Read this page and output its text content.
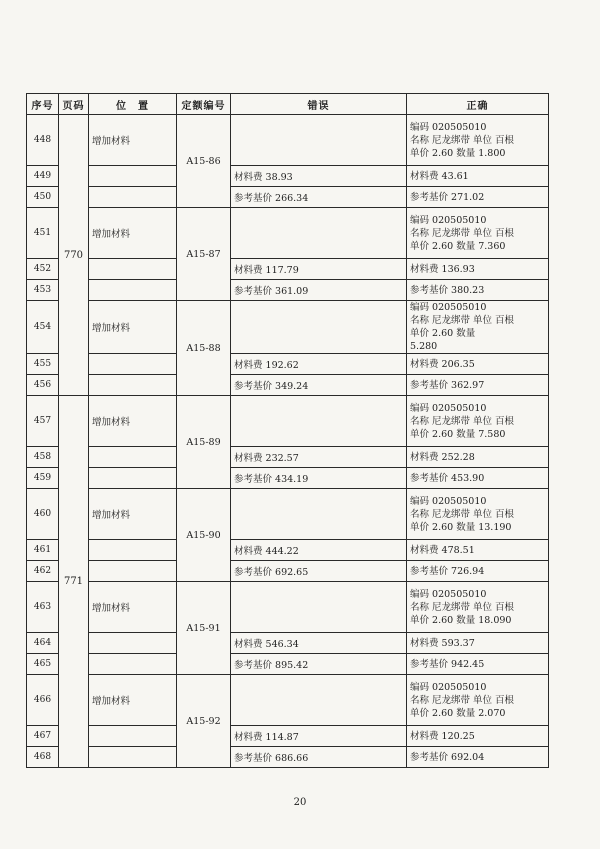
序号	页码	位　置	定额编号	错误	正确
448	770	增加材料	A15-86		编码 020505010
名称 尼龙绑带 单位 百根
单价 2.60 数量 1.800

449				材料费 38.93	材料费 43.61

450				参考基价 266.34	参考基价 271.02

451		增加材料	A15-87		编码 020505010
名称 尼龙绑带 单位 百根
单价 2.60 数量 7.360

452				材料费 117.79	材料费 136.93

453				参考基价 361.09	参考基价 380.23

454		增加材料	A15-88		编码 020505010
名称 尼龙绑带 单位 百根
单价 2.60 数量
5.280

455				材料费 192.62	材料费 206.35

456				参考基价 349.24	参考基价 362.97

457	771	增加材料	A15-89		编码 020505010
名称 尼龙绑带 单位 百根
单价 2.60 数量 7.580

458				材料费 232.57	材料费 252.28

459				参考基价 434.19	参考基价 453.90

460		增加材料	A15-90		编码 020505010
名称 尼龙绑带 单位 百根
单价 2.60 数量 13.190

461				材料费 444.22	材料费 478.51

462				参考基价 692.65	参考基价 726.94

463		增加材料	A15-91		编码 020505010
名称 尼龙绑带 单位 百根
单价 2.60 数量 18.090

464				材料费 546.34	材料费 593.37

465				参考基价 895.42	参考基价 942.45

466		增加材料	A15-92		编码 020505010
名称 尼龙绑带 单位 百根
单价 2.60 数量 2.070

467				材料费 114.87	材料费 120.25

468				参考基价 686.66	参考基价 692.04
20
